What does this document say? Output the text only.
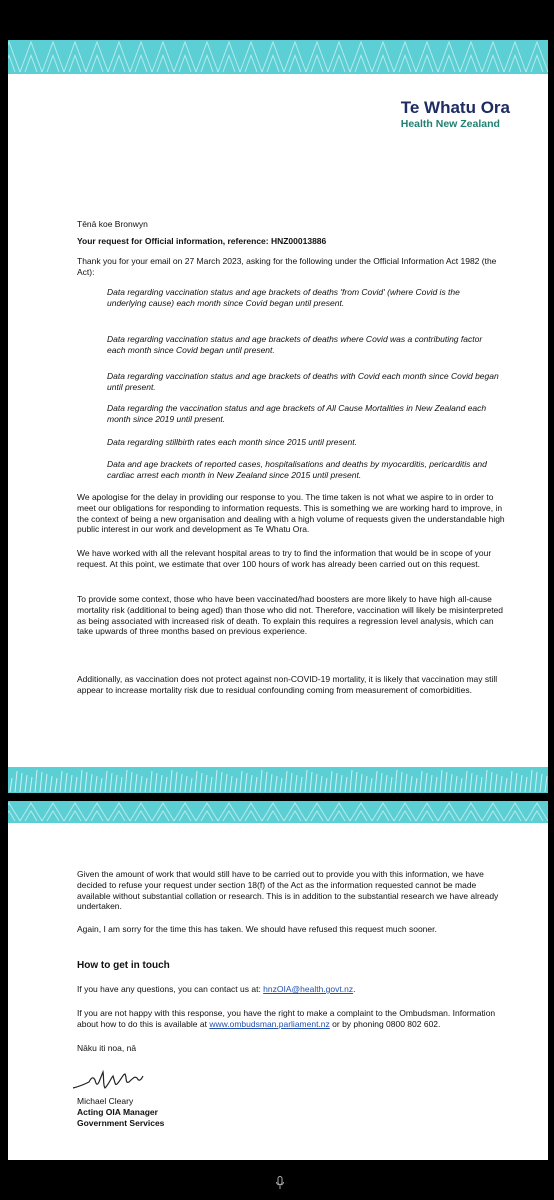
Te Whatu Ora
Health New Zealand

Tēnā koe Bronwyn

Your request for Official information, reference: HNZ00013886

Thank you for your email on 27 March 2023, asking for the following under the Official Information Act 1982 (the Act):

Data regarding vaccination status and age brackets of deaths 'from Covid' (where Covid is the underlying cause) each month since Covid began until present.

Data regarding vaccination status and age brackets of deaths where Covid was a contributing factor each month since Covid began until present.

Data regarding vaccination status and age brackets of deaths with Covid each month since Covid began until present.

Data regarding the vaccination status and age brackets of All Cause Mortalities in New Zealand each month since 2019 until present.

Data regarding stillbirth rates each month since 2015 until present.

Data and age brackets of reported cases, hospitalisations and deaths by myocarditis, pericarditis and cardiac arrest each month in New Zealand since 2015 until present.

We apologise for the delay in providing our response to you. The time taken is not what we aspire to in order to meet our obligations for responding to information requests. This is something we are working hard to improve, in the context of being a new organisation and dealing with a high volume of requests given the understandable high public interest in our work and development as Te Whatu Ora.

We have worked with all the relevant hospital areas to try to find the information that would be in scope of your request. At this point, we estimate that over 100 hours of work has already been carried out on this request.

To provide some context, those who have been vaccinated/had boosters are more likely to have high all-cause mortality risk (additional to being aged) than those who did not. Therefore, vaccination will likely be misinterpreted as being associated with increased risk of death. To explain this requires a regression level analysis, which can take upwards of three months based on previous experience.

Additionally, as vaccination does not protect against non-COVID-19 mortality, it is likely that vaccination may still appear to increase mortality risk due to residual confounding coming from measurement of comorbidities.

Given the amount of work that would still have to be carried out to provide you with this information, we have decided to refuse your request under section 18(f) of the Act as the information requested cannot be made available without substantial collation or research. This is in addition to the substantial research we have already undertaken.

Again, I am sorry for the time this has taken. We should have refused this request much sooner.

How to get in touch

If you have any questions, you can contact us at: hnzOIA@health.govt.nz.

If you are not happy with this response, you have the right to make a complaint to the Ombudsman. Information about how to do this is available at www.ombudsman.parliament.nz or by phoning 0800 802 602.

Nāku iti noa, nā

Michael Cleary

Acting OIA Manager

Government Services
